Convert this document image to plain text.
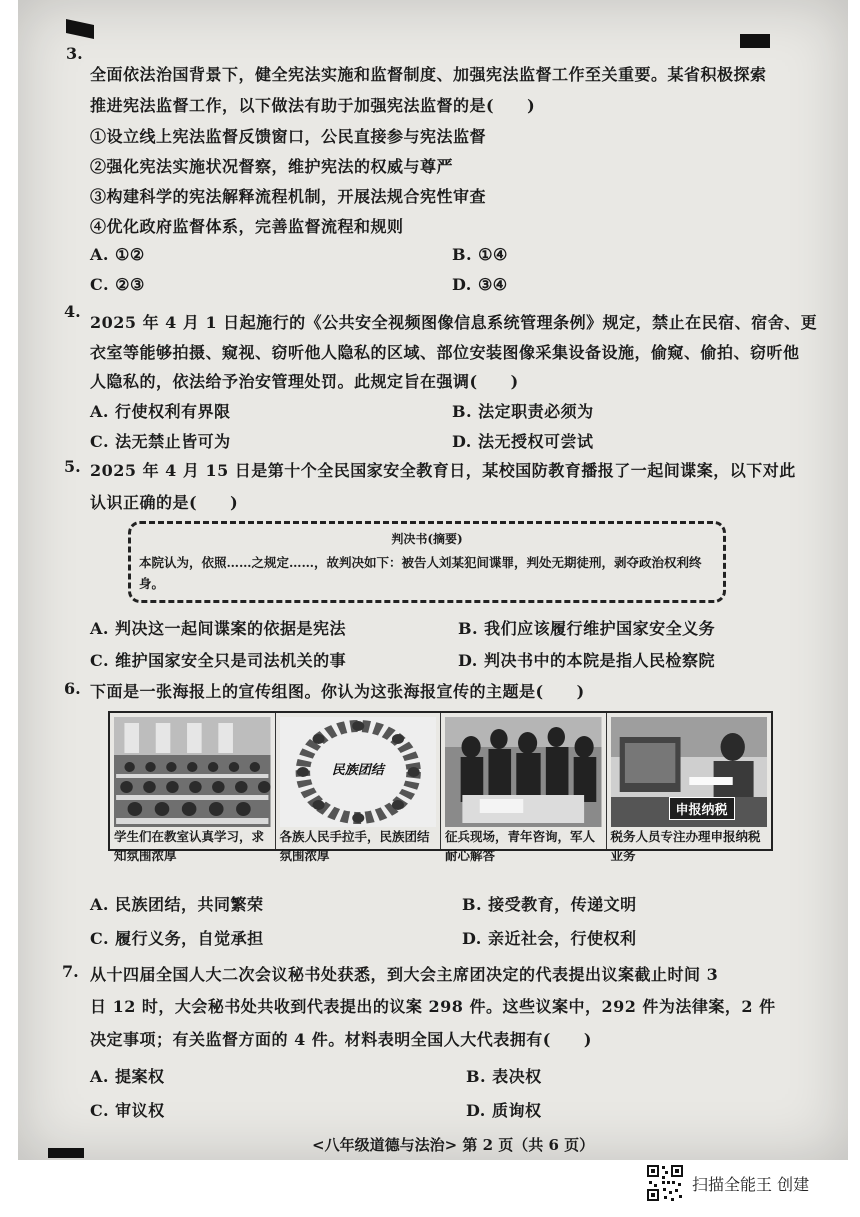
3.
全面依法治国背景下，健全宪法实施和监督制度、加强宪法监督工作至关重要。某省积极探索
推进宪法监督工作，以下做法有助于加强宪法监督的是(　　)
①设立线上宪法监督反馈窗口，公民直接参与宪法监督
②强化宪法实施状况督察，维护宪法的权威与尊严
③构建科学的宪法解释流程机制，开展法规合宪性审查
④优化政府监督体系，完善监督流程和规则
A. ①②	B. ①④
C. ②③	D. ③④
4.
2025 年 4 月 1 日起施行的《公共安全视频图像信息系统管理条例》规定，禁止在民宿、宿舍、更
衣室等能够拍摄、窥视、窃听他人隐私的区域、部位安装图像采集设备设施，偷窥、偷拍、窃听他
人隐私的，依法给予治安管理处罚。此规定旨在强调(　　)
A. 行使权利有界限	B. 法定职责必须为
C. 法无禁止皆可为	D. 法无授权可尝试
5. 2025 年 4 月 15 日是第十个全民国家安全教育日，某校国防教育播报了一起间谍案，以下对此
认识正确的是(　　)
判决书(摘要)
本院认为，依照……之规定……，故判决如下：被告人刘某犯间谍罪，判处无期徒刑，剥夺政治权利终身。
A. 判决这一起间谍案的依据是宪法	B. 我们应该履行维护国家安全义务
C. 维护国家安全只是司法机关的事	D. 判决书中的本院是指人民检察院
6. 下面是一张海报上的宣传组图。你认为这张海报宣传的主题是(　　)
学生们在教室认真学习，求知氛围浓厚
民族团结
各族人民手拉手，民族团结氛围浓厚
征兵现场，青年咨询，军人耐心解答
申报纳税
税务人员专注办理申报纳税业务
A. 民族团结，共同繁荣	B. 接受教育，传递文明
C. 履行义务，自觉承担	D. 亲近社会，行使权利
7. 从十四届全国人大二次会议秘书处获悉，到大会主席团决定的代表提出议案截止时间 3
日 12 时，大会秘书处共收到代表提出的议案 298 件。这些议案中，292 件为法律案，2 件
决定事项；有关监督方面的 4 件。材料表明全国人大代表拥有(　　)
A. 提案权	B. 表决权
C. 审议权	D. 质询权
<八年级道德与法治> 第 2 页（共 6 页）
扫描全能王 创建
